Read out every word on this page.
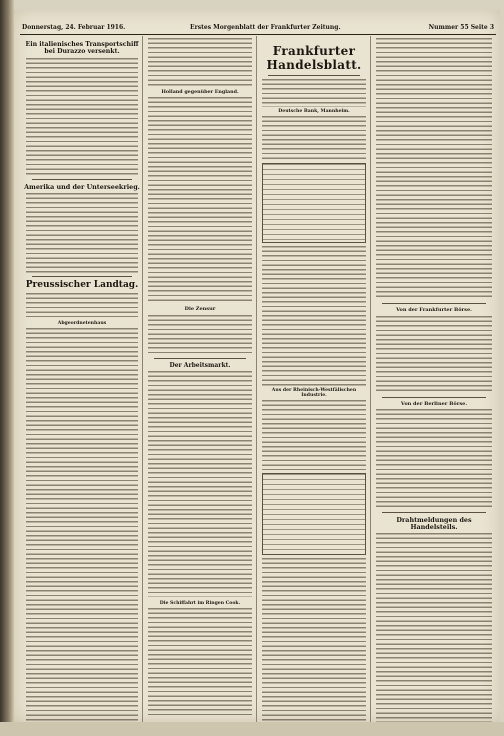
Donnerstag, 24. Februar 1916.	Erstes Morgenblatt der Frankfurter Zeitung.	Nummer 55 Seite 3
Ein italienisches Transportschiff bei Durazzo versenkt.
Amerika und der Unterseekrieg.
Preussischer Landtag.
Abgeordnetenhaus
Holland gegenüber England.
Die Zensur
Der Arbeitsmarkt.
Die Schiffahrt im Ringen Cook.
Frankfurter Handelsblatt.
Deutsche Bank, Mannheim.
Aus der Rheinisch-Westfälischen Industrie.
Von der Frankfurter Börse.
Von der Berliner Börse.
Drahtmeldungen des Handelsteils.
